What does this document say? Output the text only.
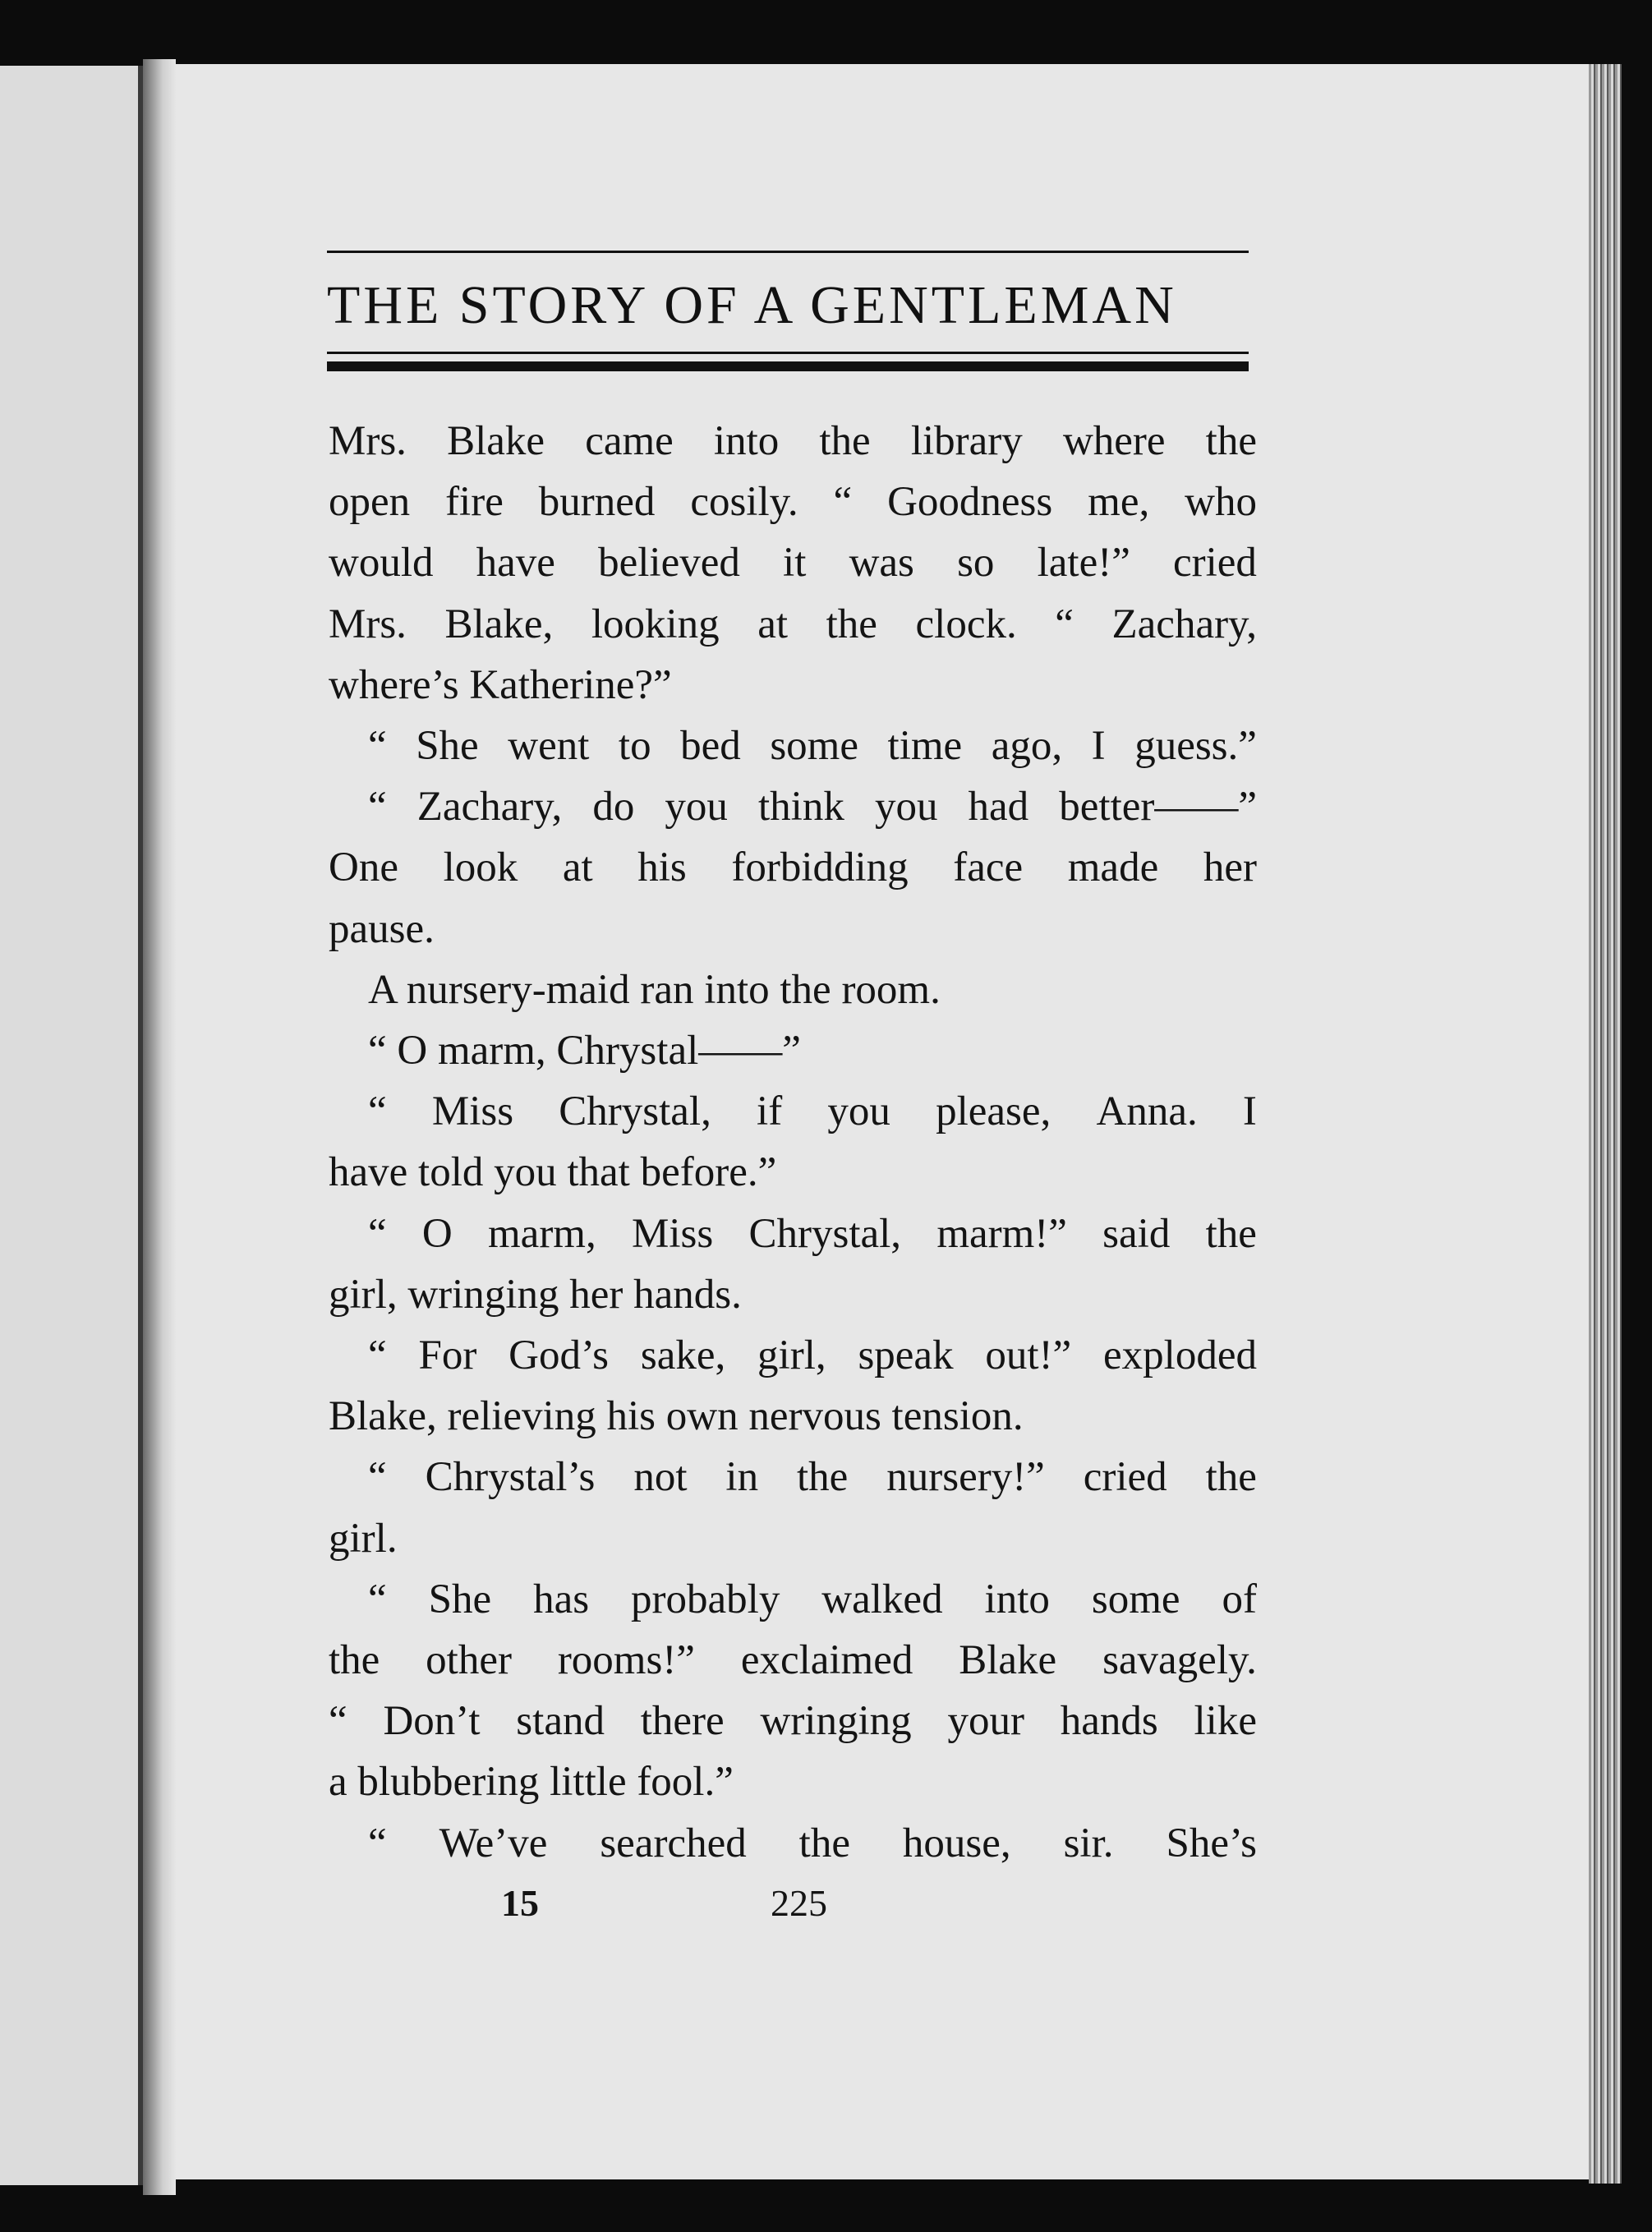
THE STORY OF A GENTLEMAN
Mrs. Blake came into the library where the
open fire burned cosily. “ Goodness me, who
would have believed it was so late!” cried
Mrs. Blake, looking at the clock. “ Zachary,
where’s Katherine?”
“ She went to bed some time ago, I guess.”
“ Zachary, do you think you had better——”
One look at his forbidding face made her
pause.
A nursery-maid ran into the room.
“ O marm, Chrystal——”
“ Miss Chrystal, if you please, Anna. I
have told you that before.”
“ O marm, Miss Chrystal, marm!” said the
girl, wringing her hands.
“ For God’s sake, girl, speak out!” exploded
Blake, relieving his own nervous tension.
“ Chrystal’s not in the nursery!” cried the
girl.
“ She has probably walked into some of
the other rooms!” exclaimed Blake savagely.
“ Don’t stand there wringing your hands like
a blubbering little fool.”
“ We’ve searched the house, sir. She’s
15	225
